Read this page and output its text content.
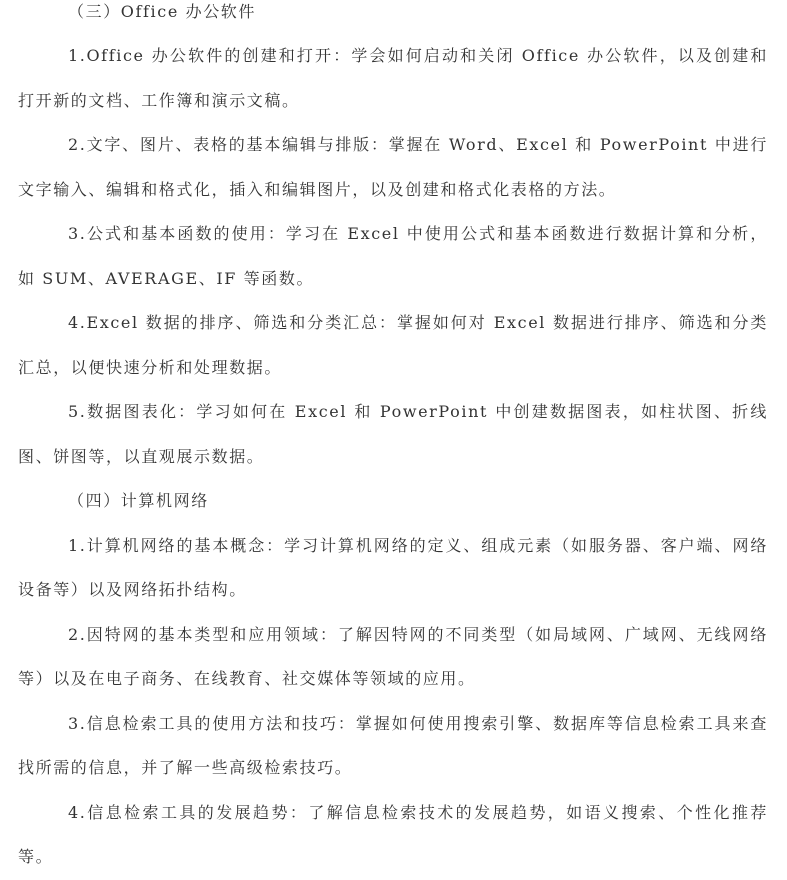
（三）Office 办公软件

1.Office 办公软件的创建和打开：学会如何启动和关闭 Office 办公软件，以及创建和打开新的文档、工作簿和演示文稿。

2.文字、图片、表格的基本编辑与排版：掌握在 Word、Excel 和 PowerPoint 中进行文字输入、编辑和格式化，插入和编辑图片，以及创建和格式化表格的方法。

3.公式和基本函数的使用：学习在 Excel 中使用公式和基本函数进行数据计算和分析，如 SUM、AVERAGE、IF 等函数。

4.Excel 数据的排序、筛选和分类汇总：掌握如何对 Excel 数据进行排序、筛选和分类汇总，以便快速分析和处理数据。

5.数据图表化：学习如何在 Excel 和 PowerPoint 中创建数据图表，如柱状图、折线图、饼图等，以直观展示数据。

（四）计算机网络

1.计算机网络的基本概念：学习计算机网络的定义、组成元素（如服务器、客户端、网络设备等）以及网络拓扑结构。

2.因特网的基本类型和应用领域：了解因特网的不同类型（如局域网、广域网、无线网络等）以及在电子商务、在线教育、社交媒体等领域的应用。

3.信息检索工具的使用方法和技巧：掌握如何使用搜索引擎、数据库等信息检索工具来查找所需的信息，并了解一些高级检索技巧。

4.信息检索工具的发展趋势：了解信息检索技术的发展趋势，如语义搜索、个性化推荐等。
